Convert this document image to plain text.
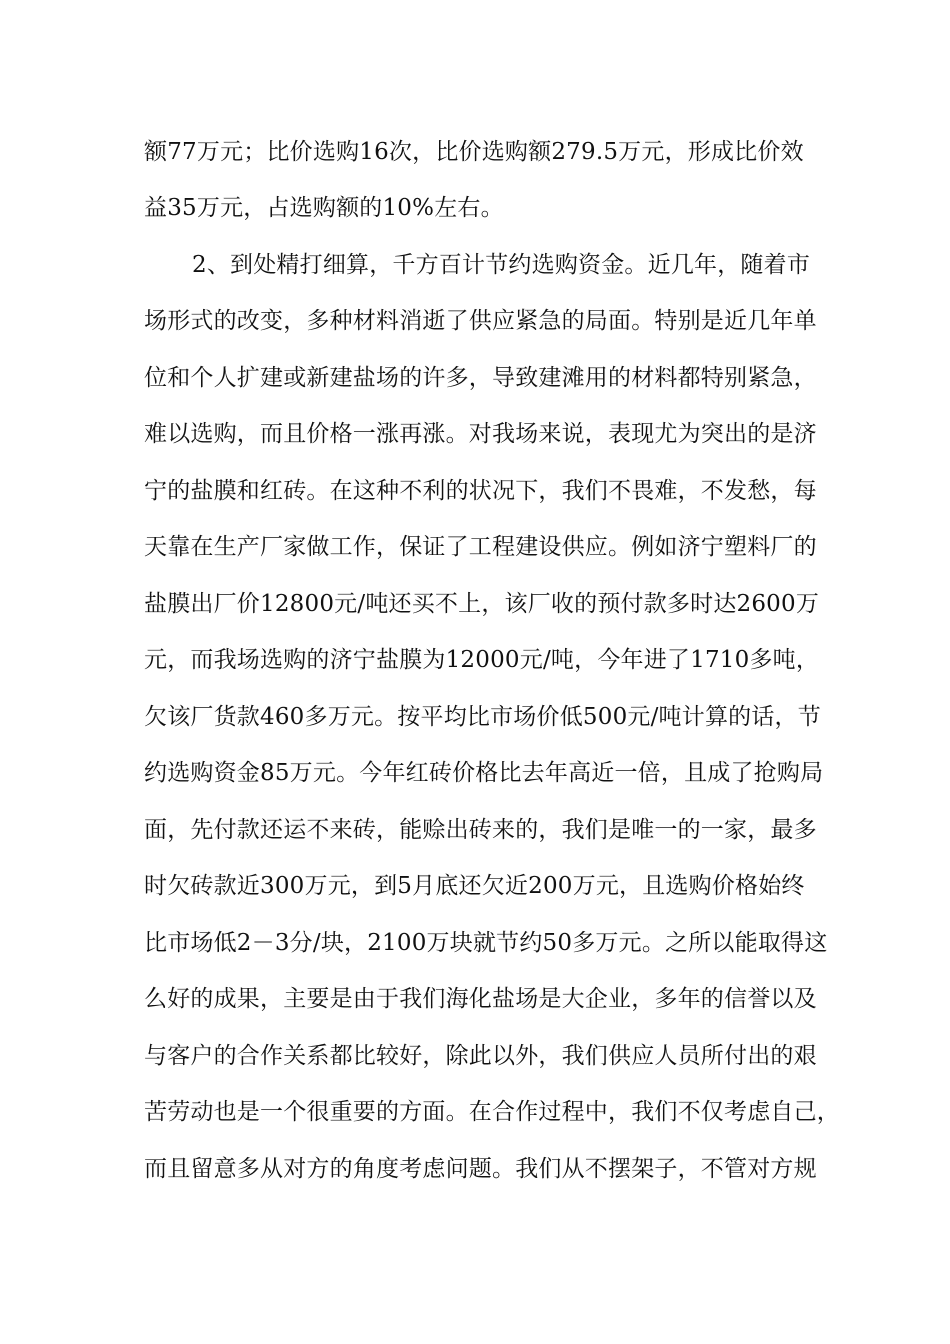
额77万元；比价选购16次，比价选购额279.5万元，形成比价效
益35万元，占选购额的10%左右。
2、到处精打细算，千方百计节约选购资金。近几年，随着市
场形式的改变，多种材料消逝了供应紧急的局面。特别是近几年单
位和个人扩建或新建盐场的许多，导致建滩用的材料都特别紧急，
难以选购，而且价格一涨再涨。对我场来说，表现尤为突出的是济
宁的盐膜和红砖。在这种不利的状况下，我们不畏难，不发愁，每
天靠在生产厂家做工作，保证了工程建设供应。例如济宁塑料厂的
盐膜出厂价12800元/吨还买不上，该厂收的预付款多时达2600万
元，而我场选购的济宁盐膜为12000元/吨，今年进了1710多吨，
欠该厂货款460多万元。按平均比市场价低500元/吨计算的话，节
约选购资金85万元。今年红砖价格比去年高近一倍，且成了抢购局
面，先付款还运不来砖，能赊出砖来的，我们是唯一的一家，最多
时欠砖款近300万元，到5月底还欠近200万元，且选购价格始终
比市场低2－3分/块，2100万块就节约50多万元。之所以能取得这
么好的成果，主要是由于我们海化盐场是大企业，多年的信誉以及
与客户的合作关系都比较好，除此以外，我们供应人员所付出的艰
苦劳动也是一个很重要的方面。在合作过程中，我们不仅考虑自己，
而且留意多从对方的角度考虑问题。我们从不摆架子，不管对方规
